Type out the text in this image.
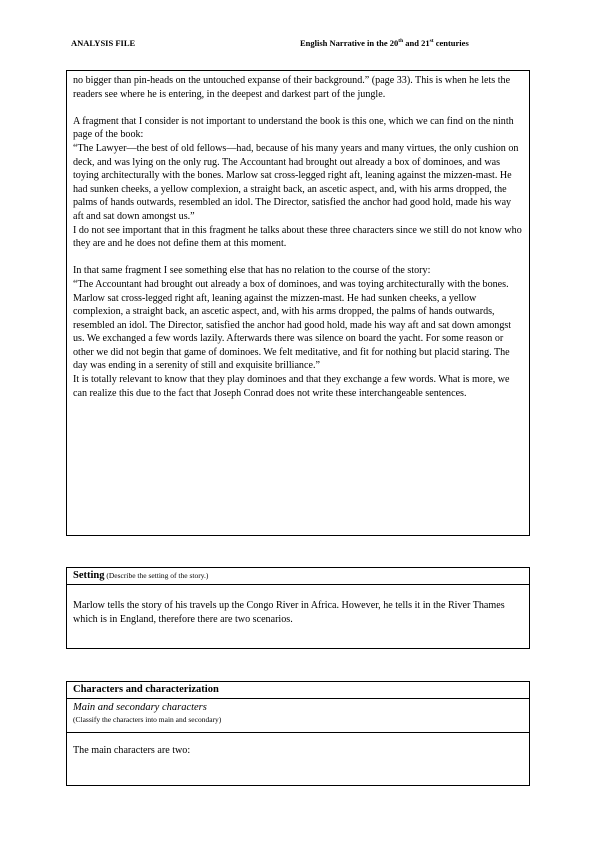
ANALYSIS FILE	English Narrative in the 20th and 21st centuries

no bigger than pin-heads on the untouched expanse of their background.” (page 33). This is when he lets the readers see where he is entering, in the deepest and darkest part of the jungle.

A fragment that I consider is not important to understand the book is this one, which we can find on the ninth page of the book:

“The Lawyer—the best of old fellows—had, because of his many years and many virtues, the only cushion on deck, and was lying on the only rug. The Accountant had brought out already a box of dominoes, and was toying architecturally with the bones. Marlow sat cross-legged right aft, leaning against the mizzen-mast. He had sunken cheeks, a yellow complexion, a straight back, an ascetic aspect, and, with his arms dropped, the palms of hands outwards, resembled an idol. The Director, satisfied the anchor had good hold, made his way aft and sat down amongst us.”

I do not see important that in this fragment he talks about these three characters since we still do not know who they are and he does not define them at this moment.

In that same fragment I see something else that has no relation to the course of the story:

“The Accountant had brought out already a box of dominoes, and was toying architecturally with the bones. Marlow sat cross-legged right aft, leaning against the mizzen-mast. He had sunken cheeks, a yellow complexion, a straight back, an ascetic aspect, and, with his arms dropped, the palms of hands outwards, resembled an idol. The Director, satisfied the anchor had good hold, made his way aft and sat down amongst us. We exchanged a few words lazily. Afterwards there was silence on board the yacht. For some reason or other we did not begin that game of dominoes. We felt meditative, and fit for nothing but placid staring. The day was ending in a serenity of still and exquisite brilliance.”

It is totally relevant to know that they play dominoes and that they exchange a few words. What is more, we can realize this due to the fact that Joseph Conrad does not write these interchangeable sentences.

Setting (Describe the setting of the story.)
Marlow tells the story of his travels up the Congo River in Africa. However, he tells it in the River Thames which is in England, therefore there are two scenarios.
Characters and characterization
Main and secondary characters
(Classify the characters into main and secondary)
The main characters are two:
